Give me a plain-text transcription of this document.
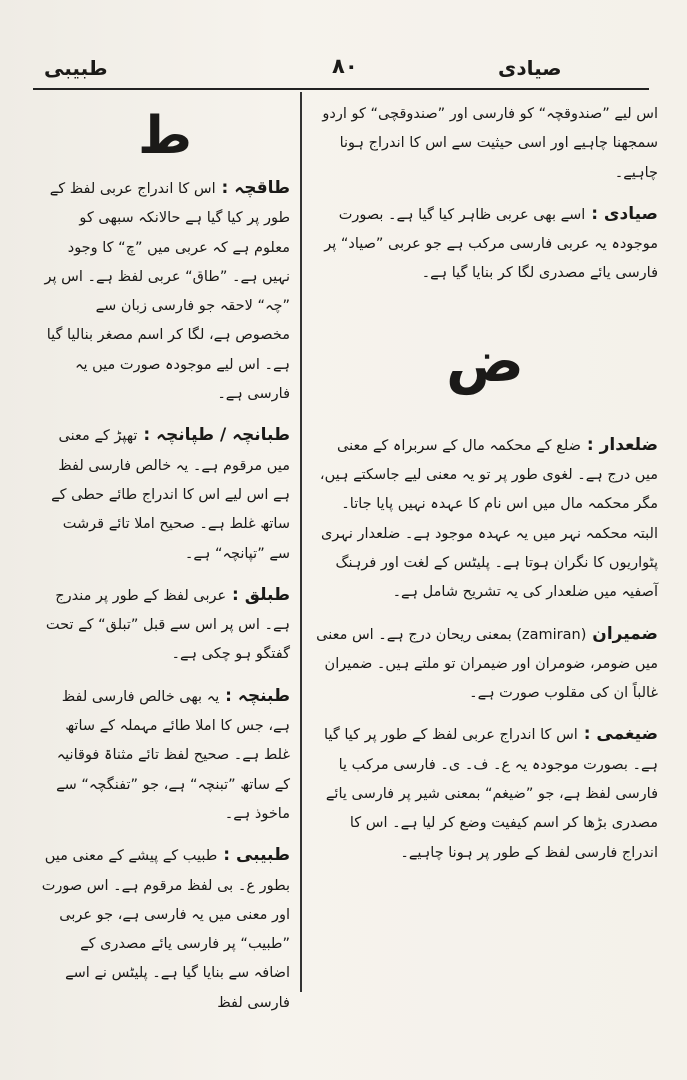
طبیبی	۸۰	صیادی
اس لیے ”صندوقچہ“ کو فارسی اور ”صندوقچی“ کو اردو سمجھنا چاہیے اور اسی حیثیت سے اس کا اندراج ہونا چاہیے۔
صیادی : اسے بھی عربی ظاہر کیا گیا ہے۔ بصورت موجودہ یہ عربی فارسی مرکب ہے جو عربی ”صیاد“ پر فارسی یائے مصدری لگا کر بنایا گیا ہے۔
ض
ضلعدار : ضلع کے محکمہ مال کے سربراہ کے معنی میں درج ہے۔ لغوی طور پر تو یہ معنی لیے جاسکتے ہیں، مگر محکمہ مال میں اس نام کا عہدہ نہیں پایا جاتا۔ البتہ محکمہ نہر میں یہ عہدہ موجود ہے۔ ضلعدار نہری پٹواریوں کا نگران ہوتا ہے۔ پلیٹس کے لغت اور فرہنگ آصفیہ میں ضلعدار کی یہ تشریح شامل ہے۔
ضمیران (zamiran) بمعنی ریحان درج ہے۔ اس معنی میں ضومر، ضومران اور ضیمران تو ملتے ہیں۔ ضمیران غالباً ان کی مقلوب صورت ہے۔
ضیغمی : اس کا اندراج عربی لفظ کے طور پر کیا گیا ہے۔ بصورت موجودہ یہ ع۔ ف۔ ی۔ فارسی مرکب یا فارسی لفظ ہے، جو ”ضیغم“ بمعنی شیر پر فارسی یائے مصدری بڑھا کر اسم کیفیت وضع کر لیا ہے۔ اس کا اندراج فارسی لفظ کے طور پر ہونا چاہیے۔
ط
طاقچہ : اس کا اندراج عربی لفظ کے طور پر کیا گیا ہے حالانکہ سبھی کو معلوم ہے کہ عربی میں ”چ“ کا وجود نہیں ہے۔ ”طاق“ عربی لفظ ہے۔ اس پر ”چہ“ لاحقہ جو فارسی زبان سے مخصوص ہے، لگا کر اسم مصغر بنالیا گیا ہے۔ اس لیے موجودہ صورت میں یہ فارسی ہے۔
طبانچہ / طپانچہ : تھپڑ کے معنی میں مرقوم ہے۔ یہ خالص فارسی لفظ ہے اس لیے اس کا اندراج طائے حطی کے ساتھ غلط ہے۔ صحیح املا تائے قرشت سے ”تپانچہ“ ہے۔
طبلق : عربی لفظ کے طور پر مندرج ہے۔ اس پر اس سے قبل ”تبلق“ کے تحت گفتگو ہو چکی ہے۔
طبنچہ : یہ بھی خالص فارسی لفظ ہے، جس کا املا طائے مہملہ کے ساتھ غلط ہے۔ صحیح لفظ تائے مثناۃ فوقانیہ کے ساتھ ”تبنچہ“ ہے، جو ”تفنگچہ“ سے ماخوذ ہے۔
طبیبی : طبیب کے پیشے کے معنی میں بطور ع۔ بی لفظ مرقوم ہے۔ اس صورت اور معنی میں یہ فارسی ہے، جو عربی ”طبیب“ پر فارسی یائے مصدری کے اضافہ سے بنایا گیا ہے۔ پلیٹس نے اسے فارسی لفظ
